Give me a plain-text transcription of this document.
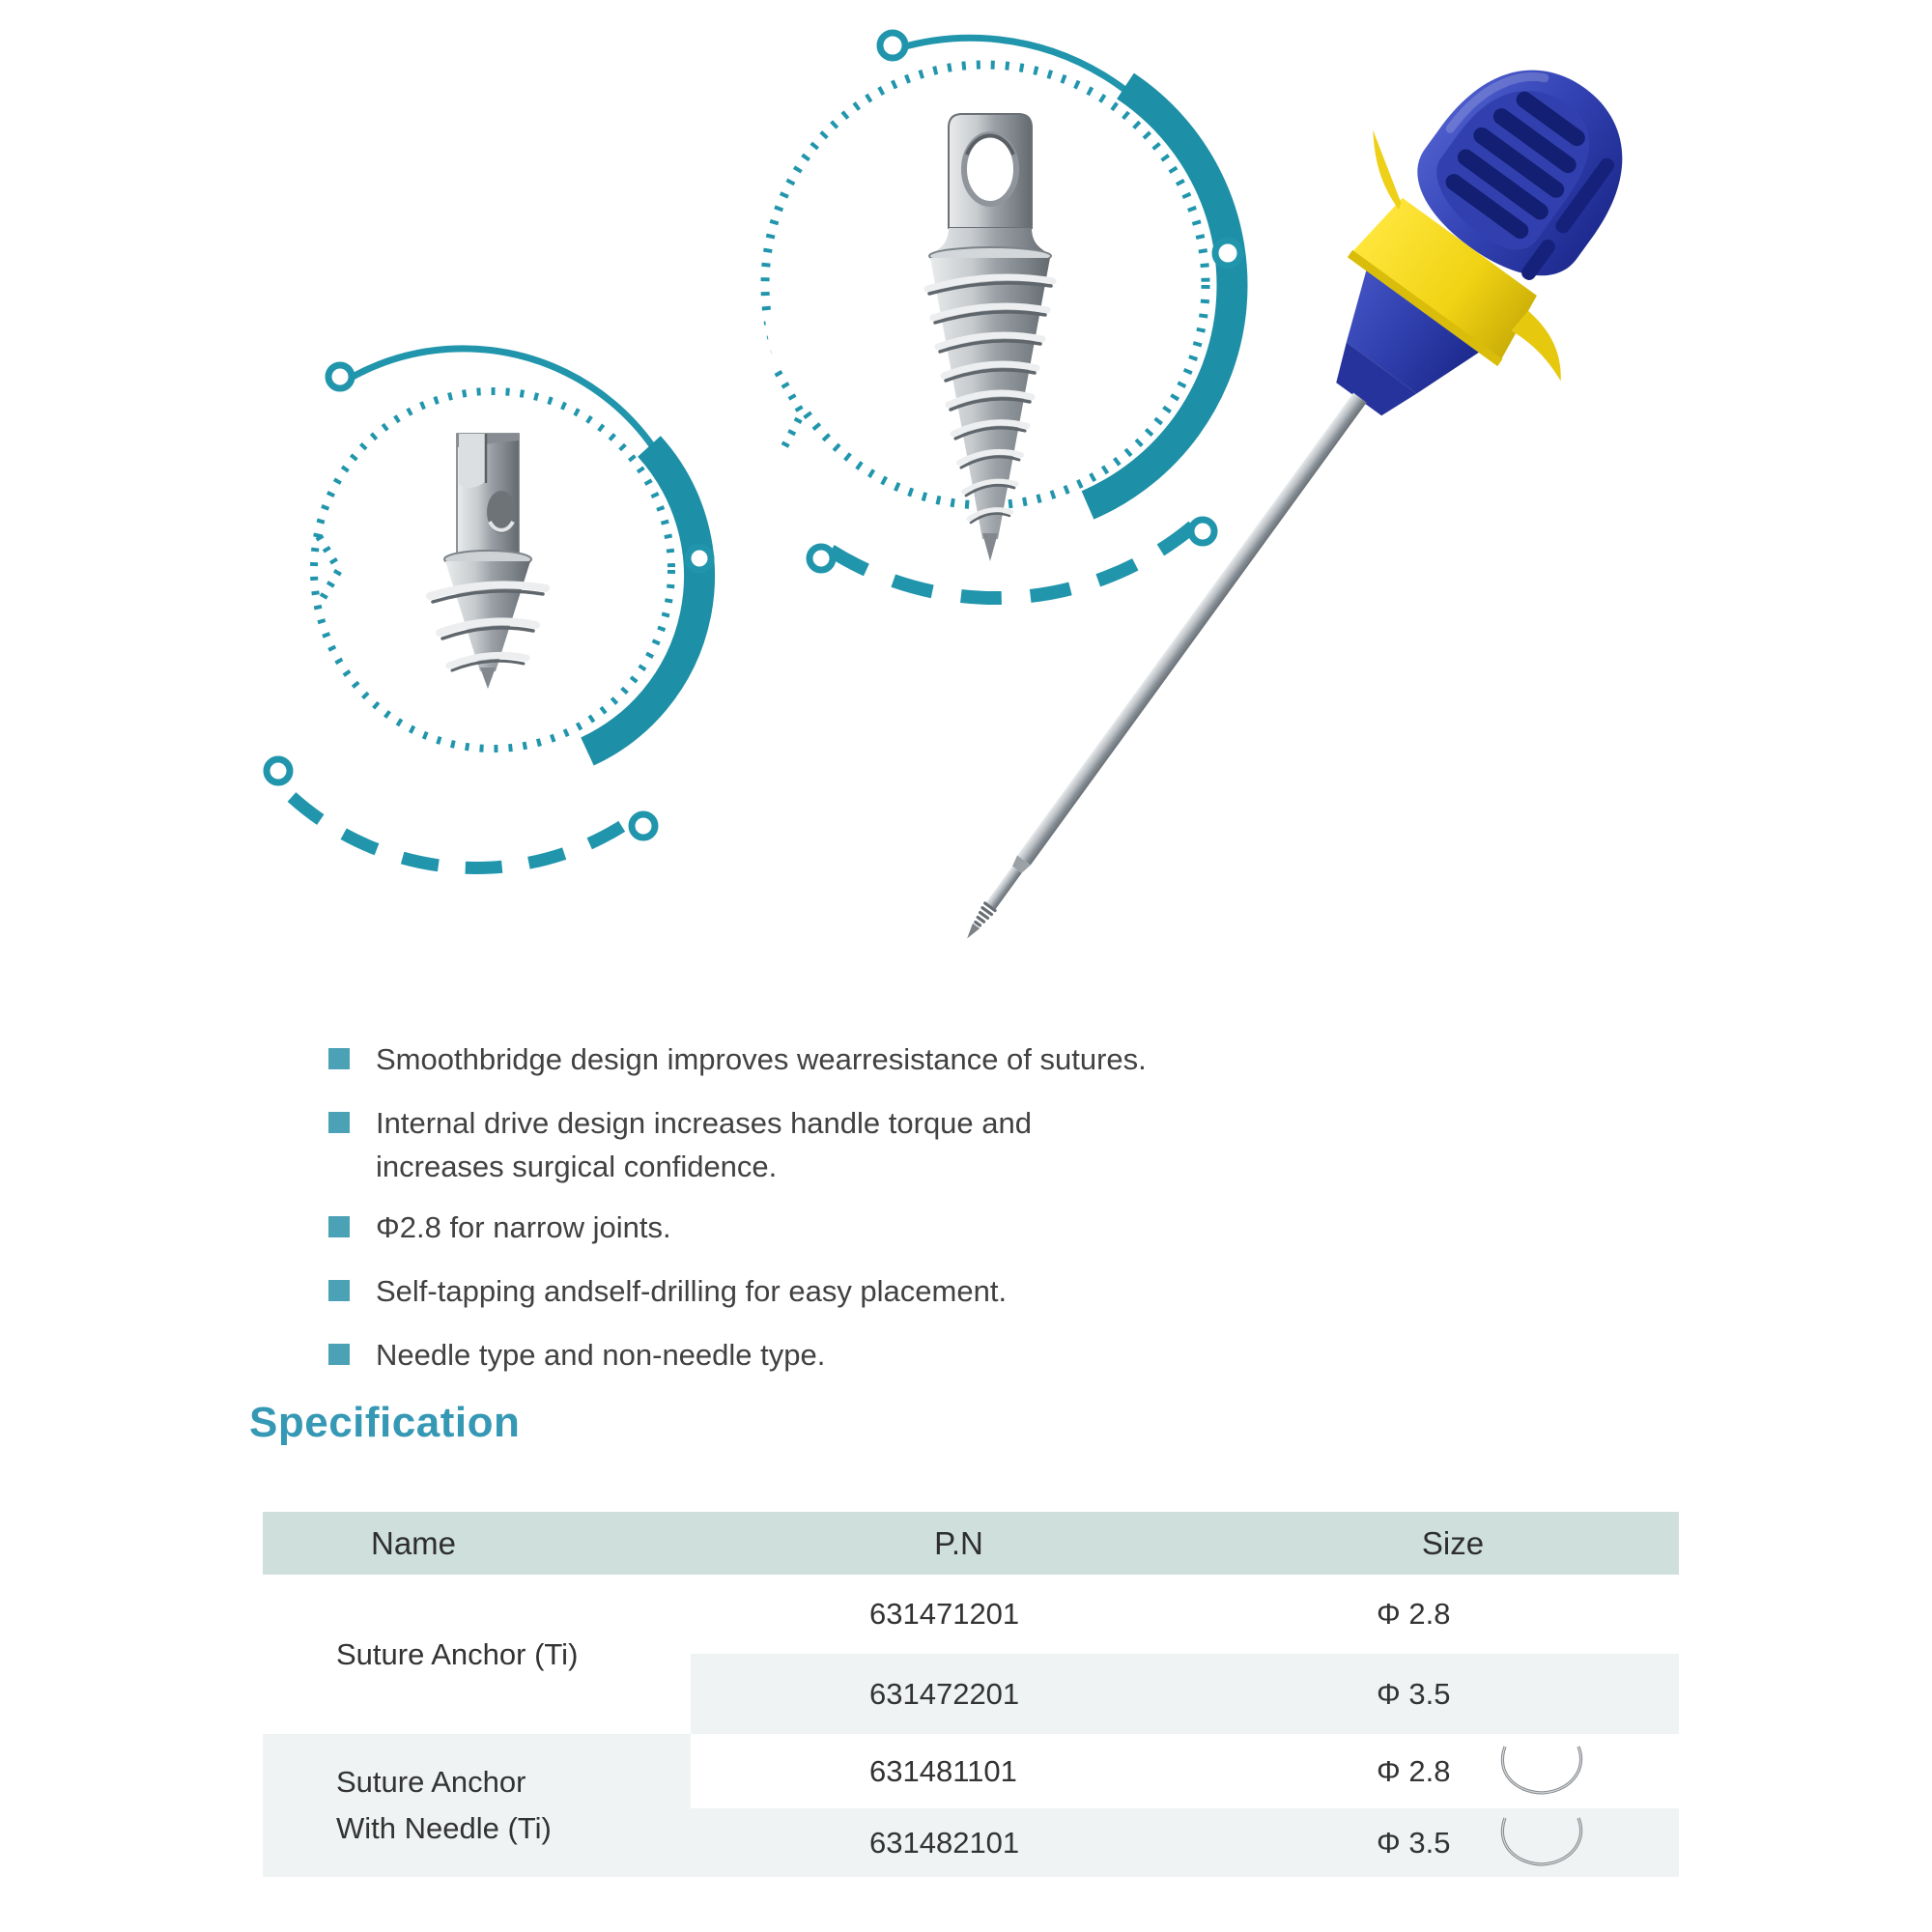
Smoothbridge design improves wearresistance of sutures.
Internal drive design increases handle torque and increases surgical confidence.
Φ2.8 for narrow joints.
Self-tapping andself-drilling for easy placement.
Needle type and non-needle type.
Specification
Name	P.N	Size
Suture Anchor (Ti)
631471201	Φ 2.8
631472201	Φ 3.5
Suture Anchor
With Needle (Ti)
631481101	Φ 2.8
631482101	Φ 3.5
